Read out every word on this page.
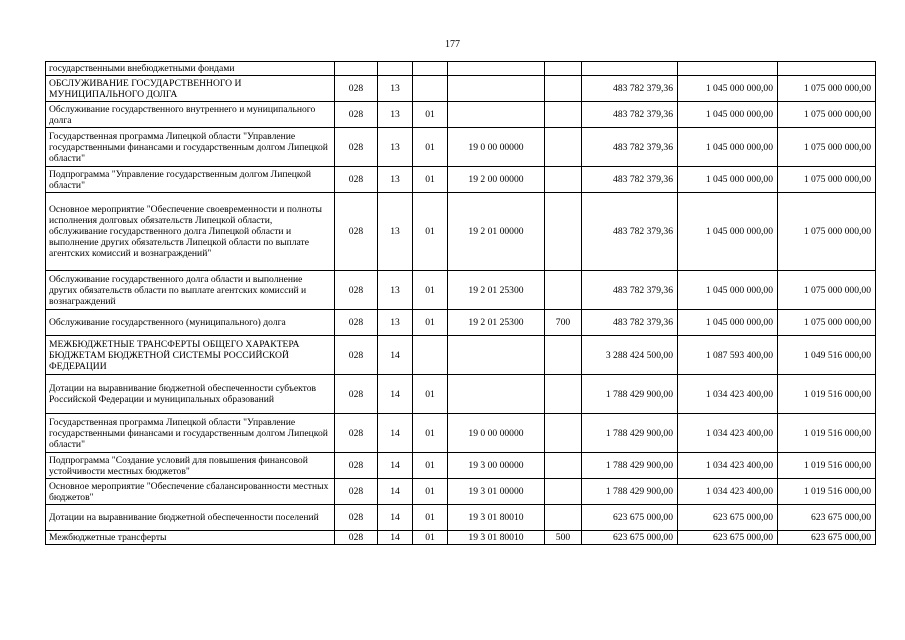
177
государственными внебюджетными фондами								
ОБСЛУЖИВАНИЕ ГОСУДАРСТВЕННОГО И МУНИЦИПАЛЬНОГО ДОЛГА	028	13				483 782 379,36	1 045 000 000,00	1 075 000 000,00
Обслуживание государственного внутреннего и муниципального долга	028	13	01			483 782 379,36	1 045 000 000,00	1 075 000 000,00
Государственная программа Липецкой области "Управление государственными финансами и государственным долгом Липецкой области"	028	13	01	19 0 00 00000		483 782 379,36	1 045 000 000,00	1 075 000 000,00
Подпрограмма "Управление государственным долгом Липецкой области"	028	13	01	19 2 00 00000		483 782 379,36	1 045 000 000,00	1 075 000 000,00
Основное мероприятие "Обеспечение своевременности и полноты исполнения долговых обязательств Липецкой области, обслуживание государственного долга Липецкой области и выполнение других обязательств Липецкой области по выплате агентских комиссий и вознаграждений"	028	13	01	19 2 01 00000		483 782 379,36	1 045 000 000,00	1 075 000 000,00
Обслуживание государственного долга области и выполнение других обязательств области по выплате агентских комиссий и вознаграждений	028	13	01	19 2 01 25300		483 782 379,36	1 045 000 000,00	1 075 000 000,00
Обслуживание государственного (муниципального) долга	028	13	01	19 2 01 25300	700	483 782 379,36	1 045 000 000,00	1 075 000 000,00
МЕЖБЮДЖЕТНЫЕ ТРАНСФЕРТЫ ОБЩЕГО ХАРАКТЕРА БЮДЖЕТАМ БЮДЖЕТНОЙ СИСТЕМЫ РОССИЙСКОЙ ФЕДЕРАЦИИ	028	14				3 288 424 500,00	1 087 593 400,00	1 049 516 000,00
Дотации на выравнивание бюджетной обеспеченности субъектов Российской Федерации и муниципальных образований	028	14	01			1 788 429 900,00	1 034 423 400,00	1 019 516 000,00
Государственная программа Липецкой области "Управление государственными финансами и государственным долгом Липецкой области"	028	14	01	19 0 00 00000		1 788 429 900,00	1 034 423 400,00	1 019 516 000,00
Подпрограмма "Создание условий для повышения финансовой устойчивости местных бюджетов"	028	14	01	19 3 00 00000		1 788 429 900,00	1 034 423 400,00	1 019 516 000,00
Основное мероприятие "Обеспечение сбалансированности местных бюджетов"	028	14	01	19 3 01 00000		1 788 429 900,00	1 034 423 400,00	1 019 516 000,00
Дотации на выравнивание бюджетной обеспеченности поселений	028	14	01	19 3 01 80010		623 675 000,00	623 675 000,00	623 675 000,00
Межбюджетные трансферты	028	14	01	19 3 01 80010	500	623 675 000,00	623 675 000,00	623 675 000,00
